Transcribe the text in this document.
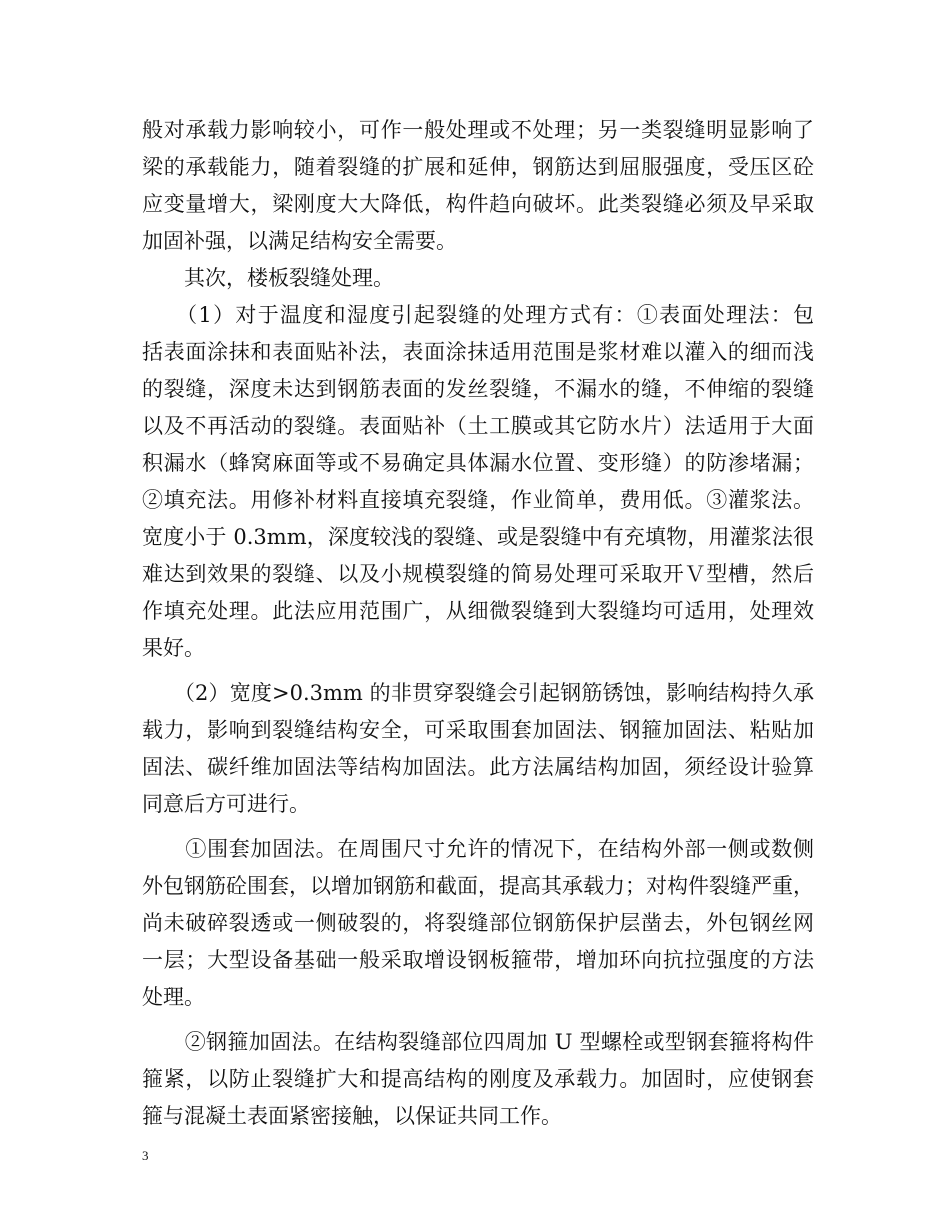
般对承载力影响较小，可作一般处理或不处理；另一类裂缝明显影响了
梁的承载能力，随着裂缝的扩展和延伸，钢筋达到屈服强度，受压区砼
应变量增大，梁刚度大大降低，构件趋向破坏。此类裂缝必须及早采取
加固补强，以满足结构安全需要。
　　其次，楼板裂缝处理。
　　（1）对于温度和湿度引起裂缝的处理方式有：①表面处理法：包
括表面涂抹和表面贴补法，表面涂抹适用范围是浆材难以灌入的细而浅
的裂缝，深度未达到钢筋表面的发丝裂缝，不漏水的缝，不伸缩的裂缝
以及不再活动的裂缝。表面贴补（土工膜或其它防水片）法适用于大面
积漏水（蜂窝麻面等或不易确定具体漏水位置、变形缝）的防渗堵漏；
②填充法。用修补材料直接填充裂缝，作业简单，费用低。③灌浆法。
宽度小于 0.3mm，深度较浅的裂缝、或是裂缝中有充填物，用灌浆法很
难达到效果的裂缝、以及小规模裂缝的简易处理可采取开Ｖ型槽，然后
作填充处理。此法应用范围广，从细微裂缝到大裂缝均可适用，处理效
果好。
　　（2）宽度>0.3mm 的非贯穿裂缝会引起钢筋锈蚀，影响结构持久承
载力，影响到裂缝结构安全，可采取围套加固法、钢箍加固法、粘贴加
固法、碳纤维加固法等结构加固法。此方法属结构加固，须经设计验算
同意后方可进行。
　　①围套加固法。在周围尺寸允许的情况下，在结构外部一侧或数侧
外包钢筋砼围套，以增加钢筋和截面，提高其承载力；对构件裂缝严重，
尚未破碎裂透或一侧破裂的，将裂缝部位钢筋保护层凿去，外包钢丝网
一层；大型设备基础一般采取增设钢板箍带，增加环向抗拉强度的方法
处理。
　　②钢箍加固法。在结构裂缝部位四周加 U 型螺栓或型钢套箍将构件
箍紧，以防止裂缝扩大和提高结构的刚度及承载力。加固时，应使钢套
箍与混凝土表面紧密接触，以保证共同工作。
3
